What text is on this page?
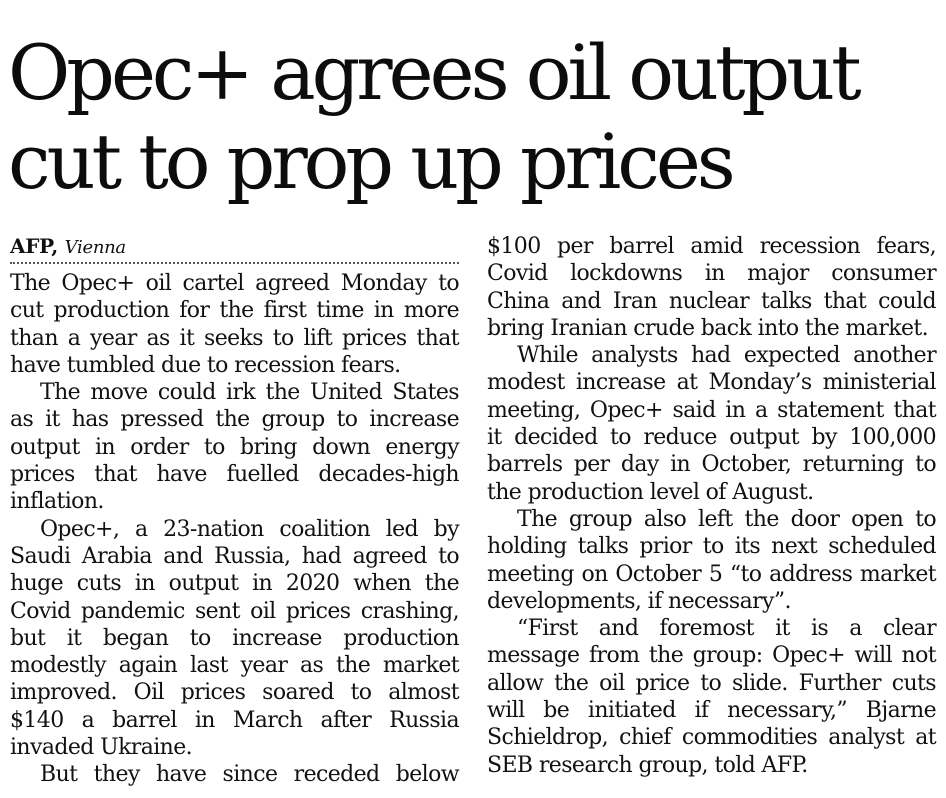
Opec+ agrees oil output cut to prop up prices
AFP, Vienna

The Opec+ oil cartel agreed Monday to cut production for the first time in more than a year as it seeks to lift prices that have tumbled due to recession fears.

The move could irk the United States as it has pressed the group to increase output in order to bring down energy prices that have fuelled decades-high inflation.

Opec+, a 23-nation coalition led by Saudi Arabia and Russia, had agreed to huge cuts in output in 2020 when the Covid pandemic sent oil prices crashing, but it began to increase production modestly again last year as the market improved. Oil prices soared to almost $140 a barrel in March after Russia invaded Ukraine.

But they have since receded below

$100 per barrel amid recession fears, Covid lockdowns in major consumer China and Iran nuclear talks that could bring Iranian crude back into the market.

While analysts had expected another modest increase at Monday’s ministerial meeting, Opec+ said in a statement that it decided to reduce output by 100,000 barrels per day in October, returning to the production level of August.

The group also left the door open to holding talks prior to its next scheduled meeting on October 5 “to address market developments, if necessary”.

“First and foremost it is a clear message from the group: Opec+ will not allow the oil price to slide. Further cuts will be initiated if necessary,” Bjarne Schieldrop, chief commodities analyst at SEB research group, told AFP.
